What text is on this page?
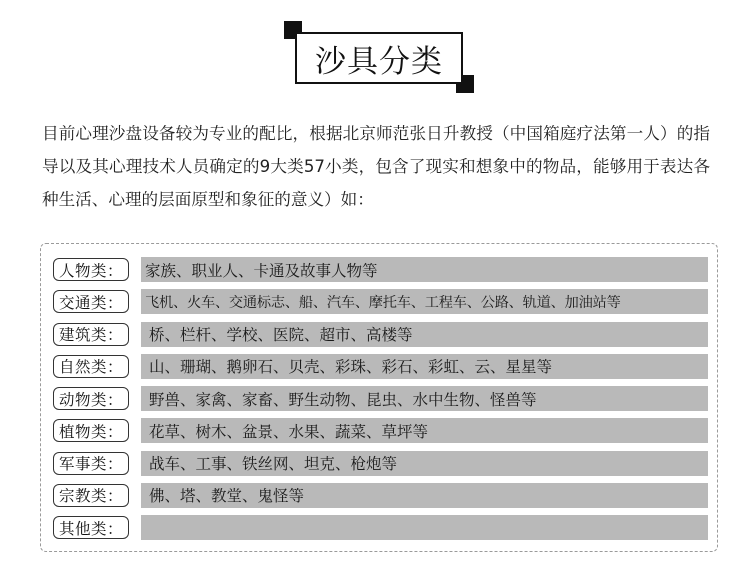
沙具分类

目前心理沙盘设备较为专业的配比，根据北京师范张日升教授（中国箱庭疗法第一人）的指导以及其心理技术人员确定的9大类57小类，包含了现实和想象中的物品，能够用于表达各种生活、心理的层面原型和象征的意义）如：

人物类：	家族、职业人、卡通及故事人物等
交通类：	飞机、火车、交通标志、船、汽车、摩托车、工程车、公路、轨道、加油站等
建筑类：	桥、栏杆、学校、医院、超市、高楼等
自然类：	山、珊瑚、鹅卵石、贝壳、彩珠、彩石、彩虹、云、星星等
动物类：	野兽、家禽、家畜、野生动物、昆虫、水中生物、怪兽等
植物类：	花草、树木、盆景、水果、蔬菜、草坪等
军事类：	战车、工事、铁丝网、坦克、枪炮等
宗教类：	佛、塔、教堂、鬼怪等
其他类：
